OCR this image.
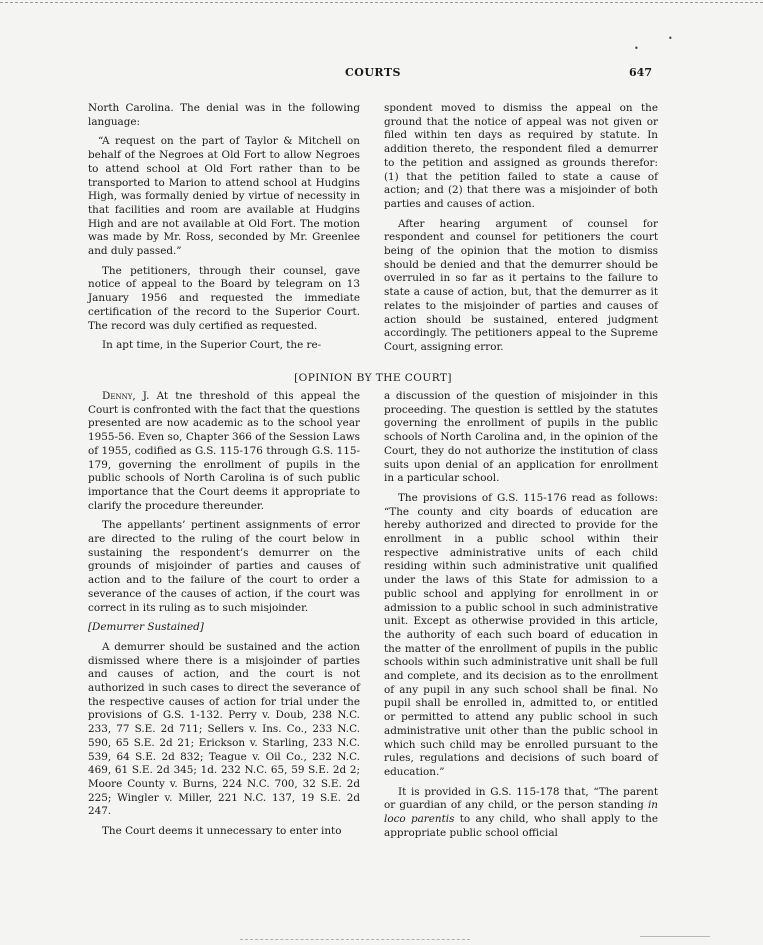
•
•
COURTS	647

North Carolina. The denial was in the following language:

“A request on the part of Taylor & Mitchell on behalf of the Negroes at Old Fort to allow Negroes to attend school at Old Fort rather than to be transported to Marion to attend school at Hudgins High, was formally denied by virtue of necessity in that facilities and room are available at Hudgins High and are not available at Old Fort. The motion was made by Mr. Ross, seconded by Mr. Greenlee and duly passed.”

The petitioners, through their counsel, gave notice of appeal to the Board by telegram on 13 January 1956 and requested the immediate certification of the record to the Superior Court. The record was duly certified as requested.

In apt time, in the Superior Court, the re-

spondent moved to dismiss the appeal on the ground that the notice of appeal was not given or filed within ten days as required by statute. In addition thereto, the respondent filed a demurrer to the petition and assigned as grounds therefor: (1) that the petition failed to state a cause of action; and (2) that there was a misjoinder of both parties and causes of action.

After hearing argument of counsel for respondent and counsel for petitioners the court being of the opinion that the motion to dismiss should be denied and that the demurrer should be overruled in so far as it pertains to the failure to state a cause of action, but, that the demurrer as it relates to the misjoinder of parties and causes of action should be sustained, entered judgment accordingly. The petitioners appeal to the Supreme Court, assigning error.

[OPINION BY THE COURT]

Denny, J. At tne threshold of this appeal the Court is confronted with the fact that the questions presented are now academic as to the school year 1955-56. Even so, Chapter 366 of the Session Laws of 1955, codified as G.S. 115-176 through G.S. 115-179, governing the enrollment of pupils in the public schools of North Carolina is of such public importance that the Court deems it appropriate to clarify the procedure thereunder.

The appellants’ pertinent assignments of error are directed to the ruling of the court below in sustaining the respondent’s demurrer on the grounds of misjoinder of parties and causes of action and to the failure of the court to order a severance of the causes of action, if the court was correct in its ruling as to such misjoinder.

[Demurrer Sustained]

A demurrer should be sustained and the action dismissed where there is a misjoinder of parties and causes of action, and the court is not authorized in such cases to direct the severance of the respective causes of action for trial under the provisions of G.S. 1-132. Perry v. Doub, 238 N.C. 233, 77 S.E. 2d 711; Sellers v. Ins. Co., 233 N.C. 590, 65 S.E. 2d 21; Erickson v. Starling, 233 N.C. 539, 64 S.E. 2d 832; Teague v. Oil Co., 232 N.C. 469, 61 S.E. 2d 345; 1d. 232 N.C. 65, 59 S.E. 2d 2; Moore County v. Burns, 224 N.C. 700, 32 S.E. 2d 225; Wingler v. Miller, 221 N.C. 137, 19 S.E. 2d 247.

The Court deems it unnecessary to enter into

a discussion of the question of misjoinder in this proceeding. The question is settled by the statutes governing the enrollment of pupils in the public schools of North Carolina and, in the opinion of the Court, they do not authorize the institution of class suits upon denial of an application for enrollment in a particular school.

The provisions of G.S. 115-176 read as follows: “The county and city boards of education are hereby authorized and directed to provide for the enrollment in a public school within their respective administrative units of each child residing within such administrative unit qualified under the laws of this State for admission to a public school and applying for enrollment in or admission to a public school in such administrative unit. Except as otherwise provided in this article, the authority of each such board of education in the matter of the enrollment of pupils in the public schools within such administrative unit shall be full and complete, and its decision as to the enrollment of any pupil in any such school shall be final. No pupil shall be enrolled in, admitted to, or entitled or permitted to attend any public school in such administrative unit other than the public school in which such child may be enrolled pursuant to the rules, regulations and decisions of such board of education.”

It is provided in G.S. 115-178 that, “The parent or guardian of any child, or the person standing in loco parentis to any child, who shall apply to the appropriate public school official
